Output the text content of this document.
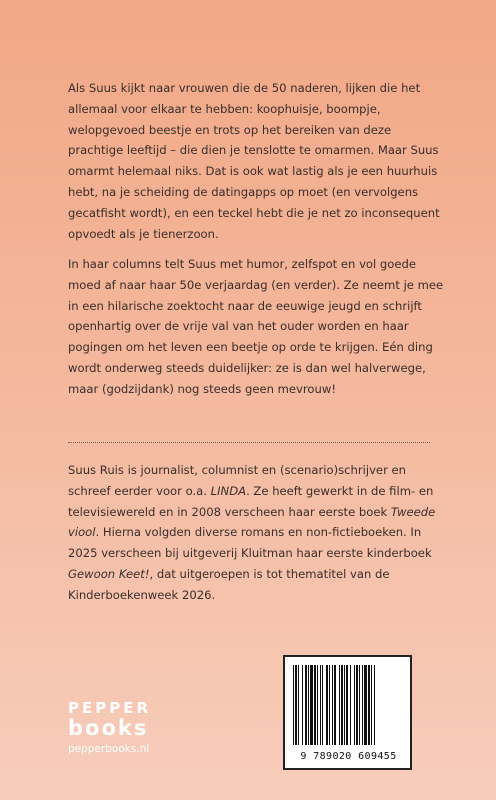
Als Suus kijkt naar vrouwen die de 50 naderen, lijken die het allemaal voor elkaar te hebben: koophuisje, boompje, welopgevoed beestje en trots op het bereiken van deze prachtige leeftijd – die dien je tenslotte te omarmen. Maar Suus omarmt helemaal niks. Dat is ook wat lastig als je een huurhuis hebt, na je scheiding de datingapps op moet (en vervolgens gecatfisht wordt), en een teckel hebt die je net zo inconsequent opvoedt als je tienerzoon.

In haar columns telt Suus met humor, zelfspot en vol goede moed af naar haar 50e verjaardag (en verder). Ze neemt je mee in een hilarische zoektocht naar de eeuwige jeugd en schrijft openhartig over de vrije val van het ouder worden en haar pogingen om het leven een beetje op orde te krijgen. Eén ding wordt onderweg steeds duidelijker: ze is dan wel halverwege, maar (godzijdank) nog steeds geen mevrouw!

Suus Ruis is journalist, columnist en (scenario)schrijver en schreef eerder voor o.a. LINDA. Ze heeft gewerkt in de film- en televisiewereld en in 2008 verscheen haar eerste boek Tweede viool. Hierna volgden diverse romans en non-fictieboeken. In 2025 verscheen bij uitgeverij Kluitman haar eerste kinderboek Gewoon Keet!, dat uitgeroepen is tot thematitel van de Kinderboekenweek 2026.

PEPPER
books
pepperbooks.nl
9 789020 609455
